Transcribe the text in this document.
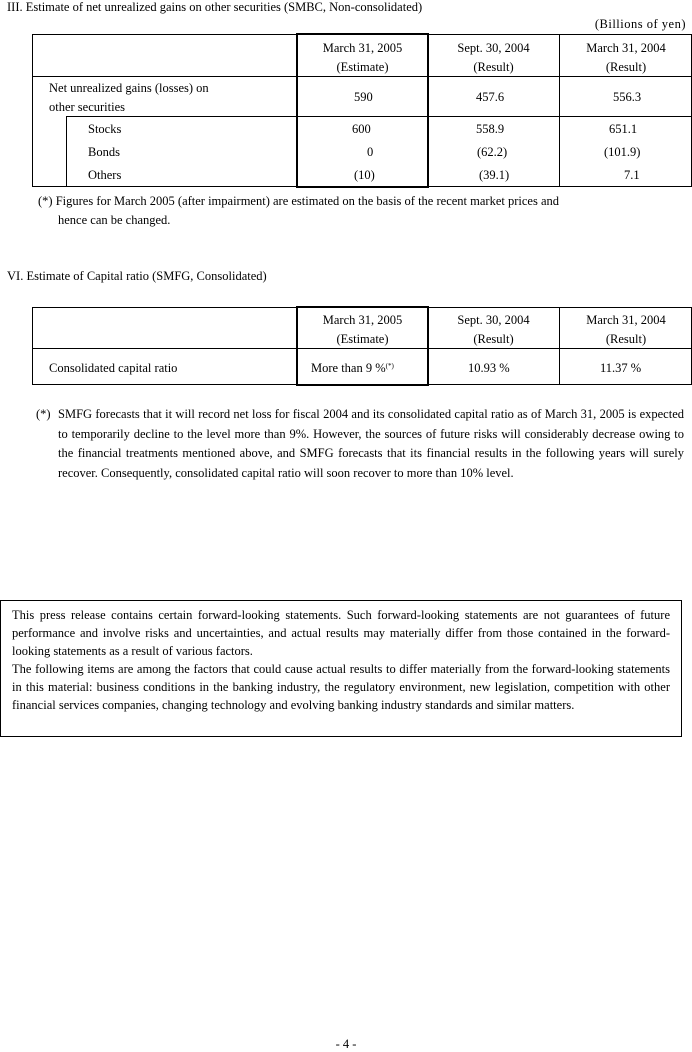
III. Estimate of net unrealized gains on other securities (SMBC, Non-consolidated)
(Billions of yen)
March 31, 2005
(Estimate)
Sept. 30, 2004
(Result)
March 31, 2004
(Result)
Net unrealized gains (losses) on
other securities
590	457.6	556.3
Stocks	600	558.9	651.1
Bonds	0	(62.2)	(101.9)
Others	(10)	(39.1)	7.1
(*) Figures for March 2005 (after impairment) are estimated on the basis of the recent market prices and
hence can be changed.
VI. Estimate of Capital ratio (SMFG, Consolidated)
March 31, 2005
(Estimate)
Sept. 30, 2004
(Result)
March 31, 2004
(Result)
Consolidated capital ratio	More than 9 %(*)	10.93 %	11.37 %
(*) SMFG forecasts that it will record net loss for fiscal 2004 and its consolidated capital ratio as of March 31, 2005 is expected to temporarily decline to the level more than 9%. However, the sources of future risks will considerably decrease owing to the financial treatments mentioned above, and SMFG forecasts that its financial results in the following years will surely recover. Consequently, consolidated capital ratio will soon recover to more than 10% level.

This press release contains certain forward-looking statements. Such forward-looking statements are not guarantees of future performance and involve risks and uncertainties, and actual results may materially differ from those contained in the forward-looking statements as a result of various factors.

The following items are among the factors that could cause actual results to differ materially from the forward-looking statements in this material: business conditions in the banking industry, the regulatory environment, new legislation, competition with other financial services companies, changing technology and evolving banking industry standards and similar matters.

- 4 -
